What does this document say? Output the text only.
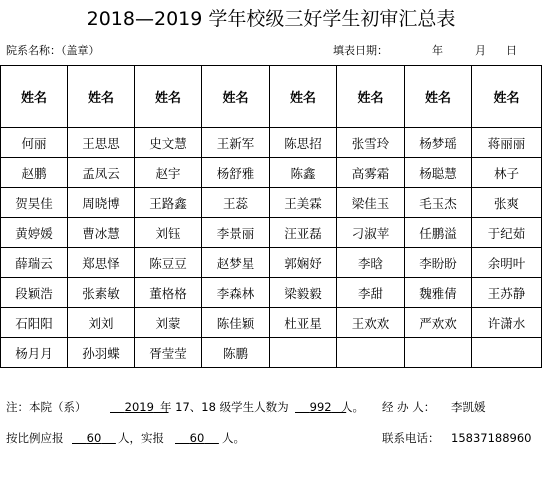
2018—2019 学年校级三好学生初审汇总表
院系名称：（盖章）	填表日期：	年	月 日
姓名	姓名	姓名	姓名	姓名	姓名	姓名	姓名
何丽	王思思	史文慧	王新军	陈思招	张雪玲	杨梦瑶	蒋丽丽
赵鹏	孟凤云	赵宇	杨舒雅	陈鑫	高雾霜	杨聪慧	林子
贺昊佳	周晓博	王路鑫	王蕊	王美霖	梁佳玉	毛玉杰	张爽
黄婷媛	曹冰慧	刘钰	李景丽	汪亚磊	刁淑苹	任鹏溢	于纪茹
薛瑞云	郑思怿	陈豆豆	赵梦星	郭娴妤	李晗	李盼盼	余明叶
段颖浩	张素敏	董格格	李森林	梁毅毅	李甜	魏雅倩	王苏静
石阳阳	刘刘	刘蒙	陈佳颖	杜亚星	王欢欢	严欢欢	许潇水
杨月月	孙羽蝶	胥莹莹	陈鹏				
注：本院（系）	2019 年 17、18 级学生人数为	992 人。 经 办 人： 李凯媛
按比例应报	60	人，实报	60	人。	联系电话： 15837188960
